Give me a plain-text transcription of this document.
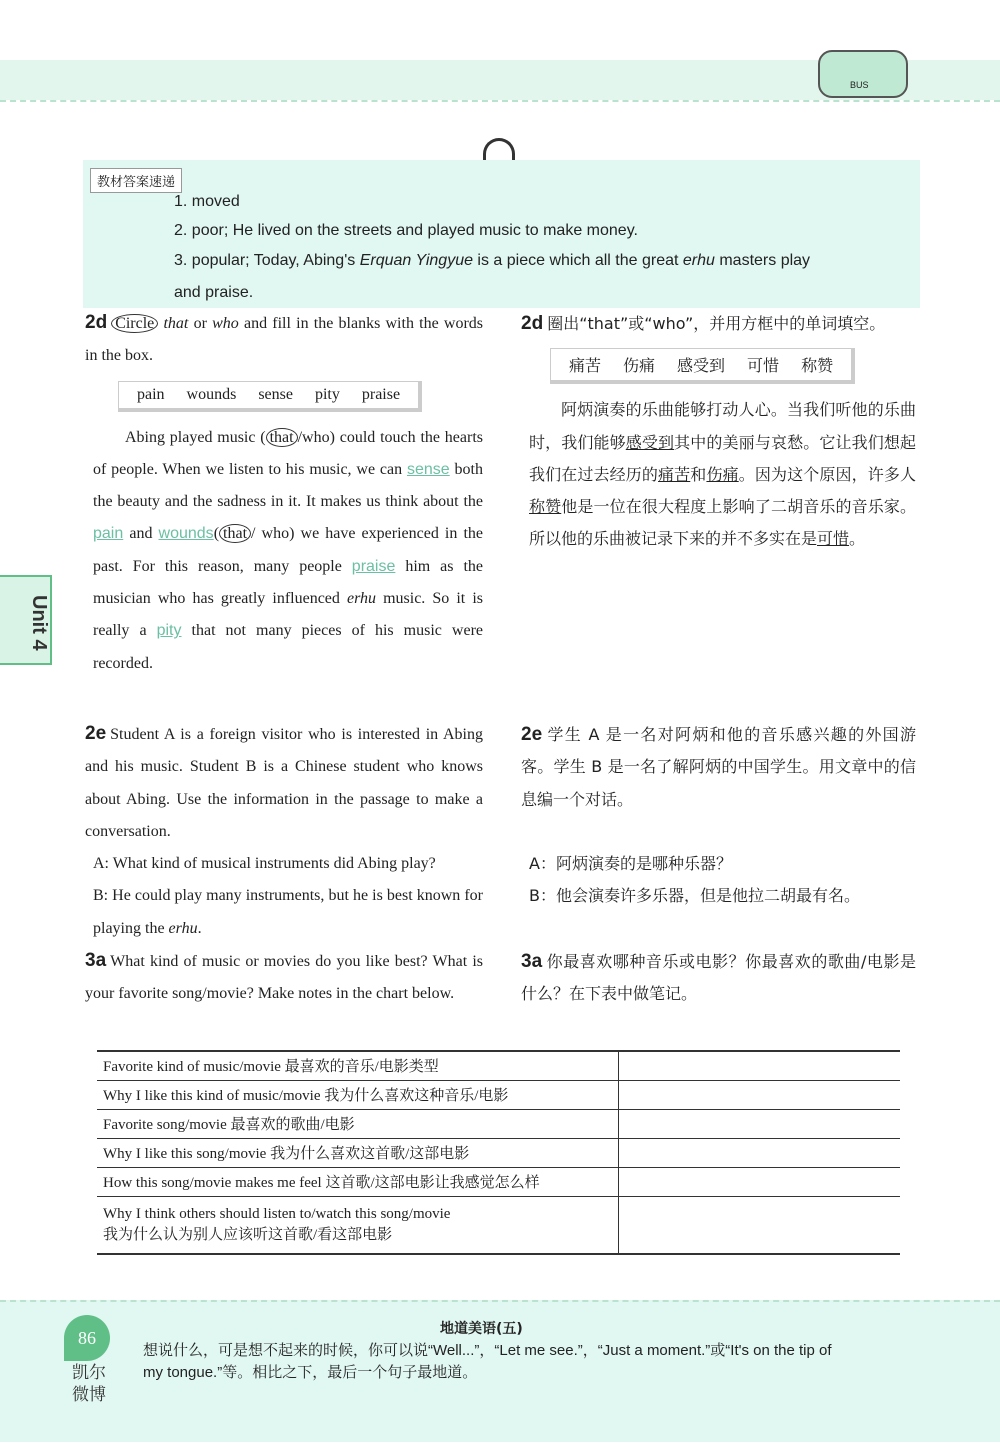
BUS
教材答案速递
1. moved
2. poor; He lived on the streets and played music to make money.
3. popular; Today, Abing's Erquan Yingyue is a piece which all the great erhu masters play
and praise.
Unit 4
2d Circle that or who and fill in the blanks with the words in the box.
pain wounds sense pity praise
Abing played music ( that /who) could touch the hearts of people. When we listen to his music, we can sense both the beauty and the sadness in it. It makes us think about the pain and wounds( that / who) we have experienced in the past. For this reason, many people praise him as the musician who has greatly influenced erhu music. So it is really a pity that not many pieces of his music were recorded.
2d 圈出“that”或“who”，并用方框中的单词填空。
痛苦 伤痛 感受到 可惜 称赞
阿炳演奏的乐曲能够打动人心。当我们听他的乐曲时，我们能够感受到其中的美丽与哀愁。它让我们想起我们在过去经历的痛苦和伤痛。因为这个原因，许多人称赞他是一位在很大程度上影响了二胡音乐的音乐家。所以他的乐曲被记录下来的并不多实在是可惜。
2e Student A is a foreign visitor who is interested in Abing and his music. Student B is a Chinese student who knows about Abing. Use the information in the passage to make a conversation.
A: What kind of musical instruments did Abing play?
B: He could play many instruments, but he is best known for playing the erhu.
2e 学生 A 是一名对阿炳和他的音乐感兴趣的外国游客。学生 B 是一名了解阿炳的中国学生。用文章中的信息编一个对话。
A：阿炳演奏的是哪种乐器？
B：他会演奏许多乐器，但是他拉二胡最有名。
3a What kind of music or movies do you like best? What is your favorite song/movie? Make notes in the chart below.
3a 你最喜欢哪种音乐或电影？你最喜欢的歌曲/电影是什么？在下表中做笔记。
Favorite kind of music/movie 最喜欢的音乐/电影类型	
Why I like this kind of music/movie 我为什么喜欢这种音乐/电影	
Favorite song/movie 最喜欢的歌曲/电影	
Why I like this song/movie 我为什么喜欢这首歌/这部电影	
How this song/movie makes me feel 这首歌/这部电影让我感觉怎么样	

Why I think others should listen to/watch this song/movie
我为什么认为别人应该听这首歌/看这部电影	

86
凯尔
微博
地道美语(五)
想说什么，可是想不起来的时候，你可以说“Well...”，“Let me see.”，“Just a moment.”或“It's on the tip of my tongue.”等。相比之下，最后一个句子最地道。
